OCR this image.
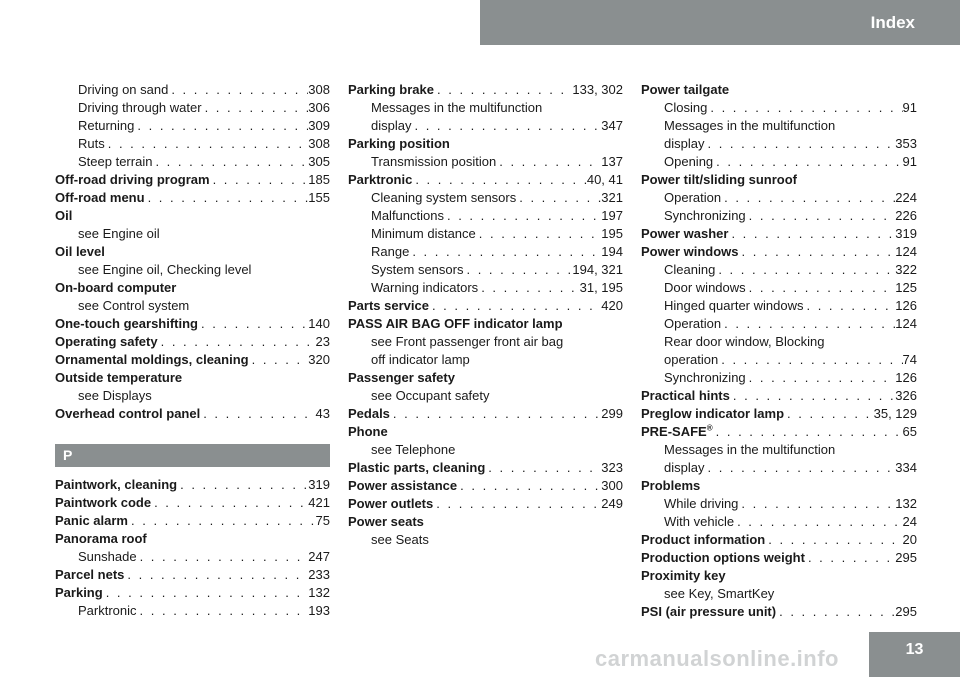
Index
Driving on sand . . .	308
Driving through water . . .	306
Returning . . .	309
Ruts . . .	308
Steep terrain . . .	305
Off-road driving program . . .	185
Off-road menu . . .	155
Oil
see Engine oil
Oil level
see Engine oil, Checking level
On-board computer
see Control system
One-touch gearshifting . . .	140
Operating safety . . .	23
Ornamental moldings, cleaning . . .	320
Outside temperature
see Displays
Overhead control panel . . .	43
P
Paintwork, cleaning . . .	319
Paintwork code . . .	421
Panic alarm . . .	75
Panorama roof
Sunshade . . .	247
Parcel nets . . .	233
Parking . . .	132
Parktronic . . .	193
Parking brake . . .	133, 302
Messages in the multifunction
display . . .	347
Parking position
Transmission position . . .	137
Parktronic . . .	40, 41
Cleaning system sensors . . .	321
Malfunctions . . .	197
Minimum distance . . .	195
Range . . .	194
System sensors . . .	194, 321
Warning indicators . . .	31, 195
Parts service . . .	420
PASS AIR BAG OFF indicator lamp
see Front passenger front air bag
off indicator lamp
Passenger safety
see Occupant safety
Pedals . . .	299
Phone
see Telephone
Plastic parts, cleaning . . .	323
Power assistance . . .	300
Power outlets . . .	249
Power seats
see Seats
Power tailgate
Closing . . .	91
Messages in the multifunction
display . . .	353
Opening . . .	91
Power tilt/sliding sunroof
Operation . . .	224
Synchronizing . . .	226
Power washer . . .	319
Power windows . . .	124
Cleaning . . .	322
Door windows . . .	125
Hinged quarter windows . . .	126
Operation . . .	124
Rear door window, Blocking
operation . . .	74
Synchronizing . . .	126
Practical hints . . .	326
Preglow indicator lamp . . .	35, 129
PRE-SAFE® . . .	65
Messages in the multifunction
display . . .	334
Problems
While driving . . .	132
With vehicle . . .	24
Product information . . .	20
Production options weight . . .	295
Proximity key
see Key, SmartKey
PSI (air pressure unit) . . .	295
13
carmanualsonline.info
